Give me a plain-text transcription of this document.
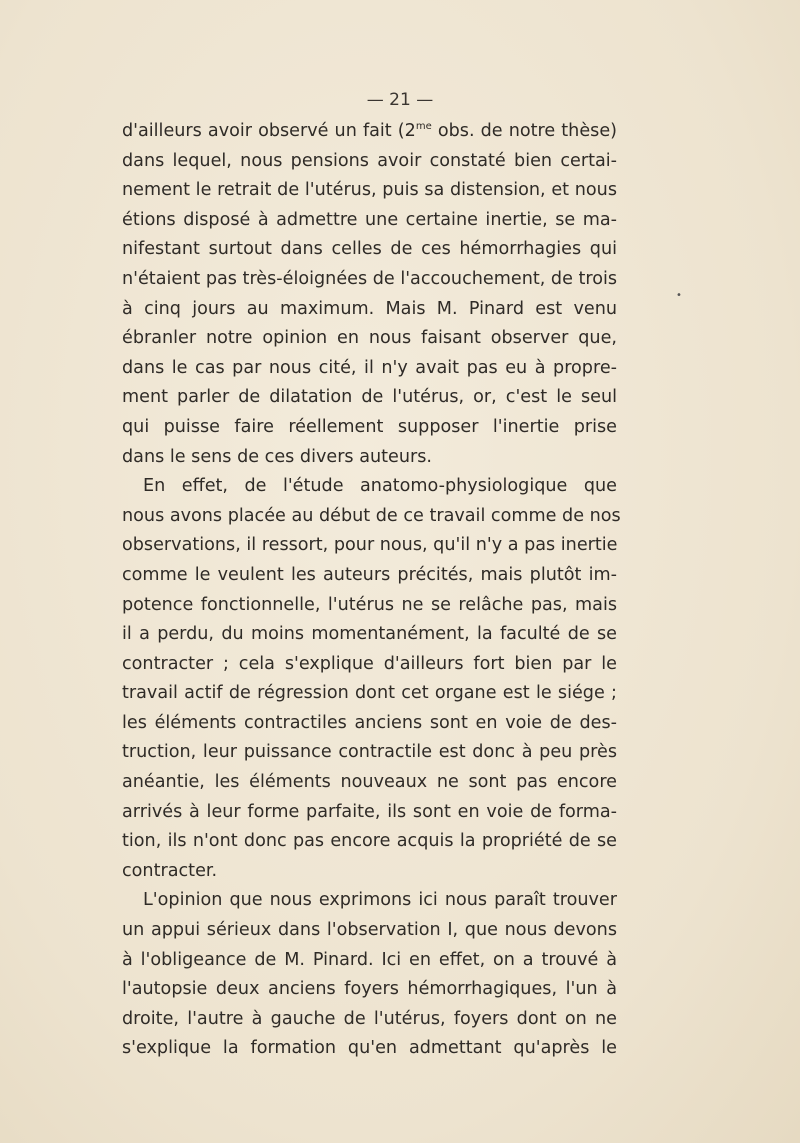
— 21 —
•
d'ailleurs avoir observé un fait ($2^{me}$ obs. de notre thèse)
dans lequel, nous pensions avoir constaté bien certai-
nement le retrait de l'utérus, puis sa distension, et nous
étions disposé à admettre une certaine inertie, se ma-
nifestant surtout dans celles de ces hémorrhagies qui
n'étaient pas très-éloignées de l'accouchement, de trois
à cinq jours au maximum. Mais M. Pinard est venu
ébranler notre opinion en nous faisant observer que,
dans le cas par nous cité, il n'y avait pas eu à propre-
ment parler de dilatation de l'utérus, or, c'est le seul
qui puisse faire réellement supposer l'inertie prise
dans le sens de ces divers auteurs.
En effet, de l'étude anatomo-physiologique que
nous avons placée au début de ce travail comme de nos
observations, il ressort, pour nous, qu'il n'y a pas inertie
comme le veulent les auteurs précités, mais plutôt im-
potence fonctionnelle, l'utérus ne se relâche pas, mais
il a perdu, du moins momentanément, la faculté de se
contracter ; cela s'explique d'ailleurs fort bien par le
travail actif de régression dont cet organe est le siége ;
les éléments contractiles anciens sont en voie de des-
truction, leur puissance contractile est donc à peu près
anéantie, les éléments nouveaux ne sont pas encore
arrivés à leur forme parfaite, ils sont en voie de forma-
tion, ils n'ont donc pas encore acquis la propriété de se
contracter.
L'opinion que nous exprimons ici nous paraît trouver
un appui sérieux dans l'observation I, que nous devons
à l'obligeance de M. Pinard. Ici en effet, on a trouvé à
l'autopsie deux anciens foyers hémorrhagiques, l'un à
droite, l'autre à gauche de l'utérus, foyers dont on ne
s'explique la formation qu'en admettant qu'après le
